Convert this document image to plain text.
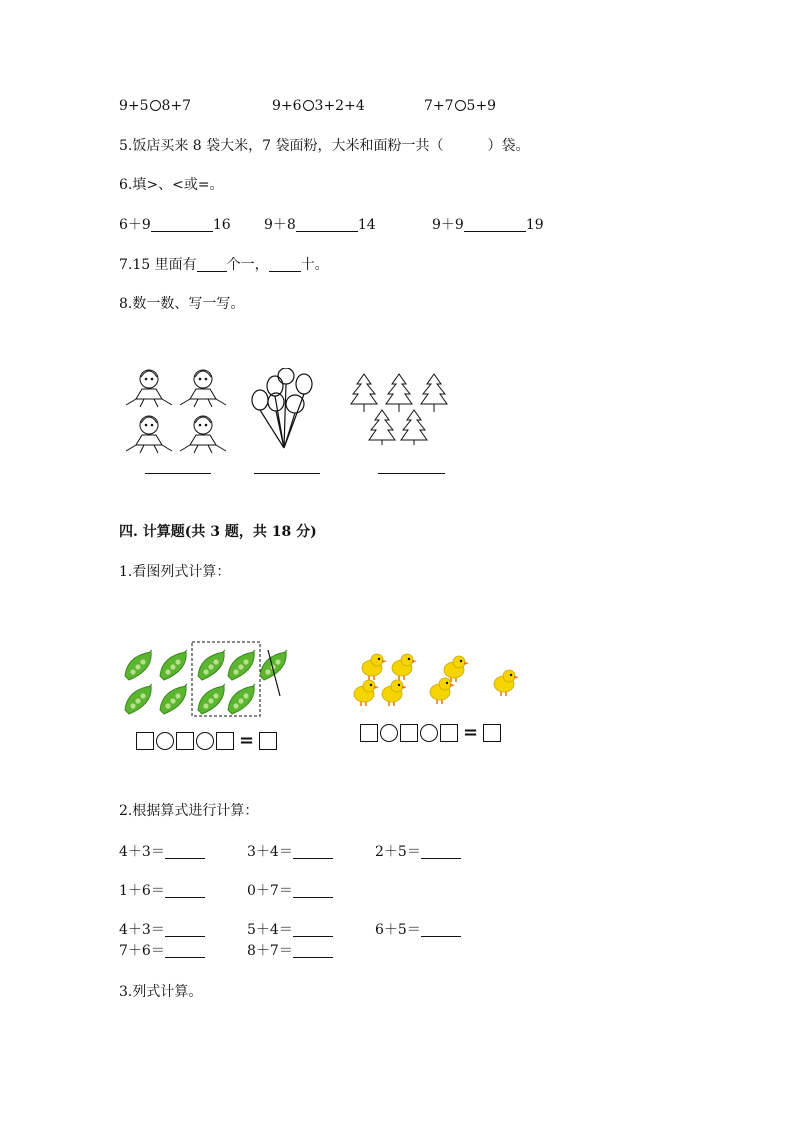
9+5 8+7	9+6 3+2+4	7+7 5+9
5.饭店买来 8 袋大米，7 袋面粉，大米和面粉一共（	）袋。
6.填>、<或=。
6＋9	16 9＋8	14	9＋9	19
7.15 里面有 个一， 十。
8.数一数、写一写。
四. 计算题(共 3 题，共 18 分)
1.看图列式计算：
=	=
2.根据算式进行计算：
4＋3＝	3＋4＝	2＋5＝
1＋6＝	0＋7＝
4＋3＝	5＋4＝	6＋5＝
7＋6＝	8＋7＝
3.列式计算。
